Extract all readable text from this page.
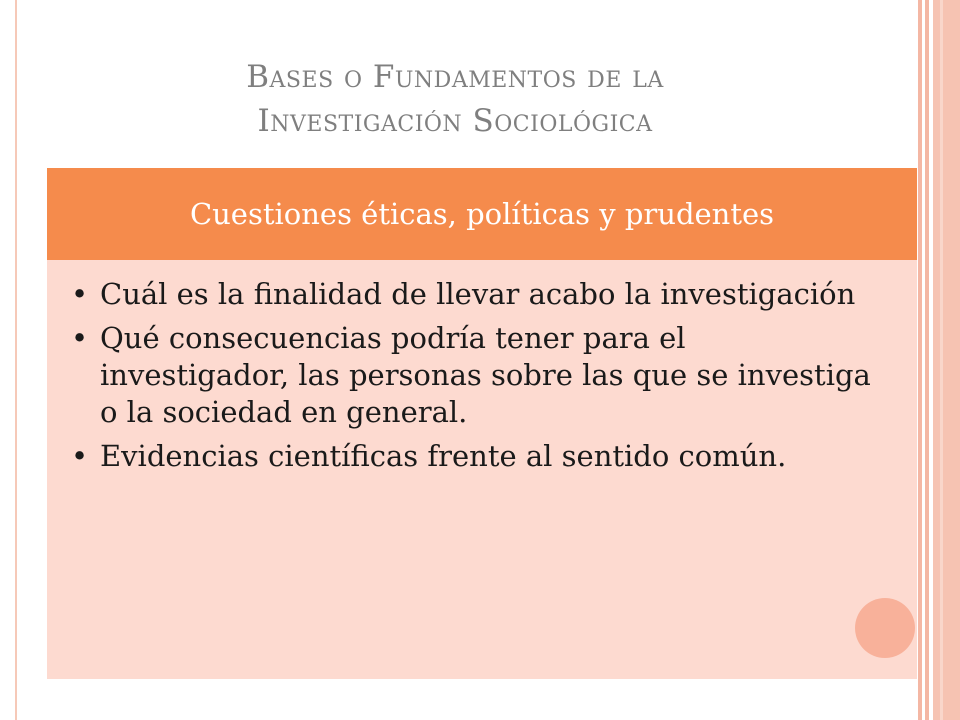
Bases o Fundamentos de la
Investigación Sociológica
Cuestiones éticas, políticas y prudentes
• Cuál es la finalidad de llevar acabo la investigación
• Qué consecuencias podría tener para el investigador, las personas sobre las que se investiga o la sociedad en general.
• Evidencias científicas frente al sentido común.
